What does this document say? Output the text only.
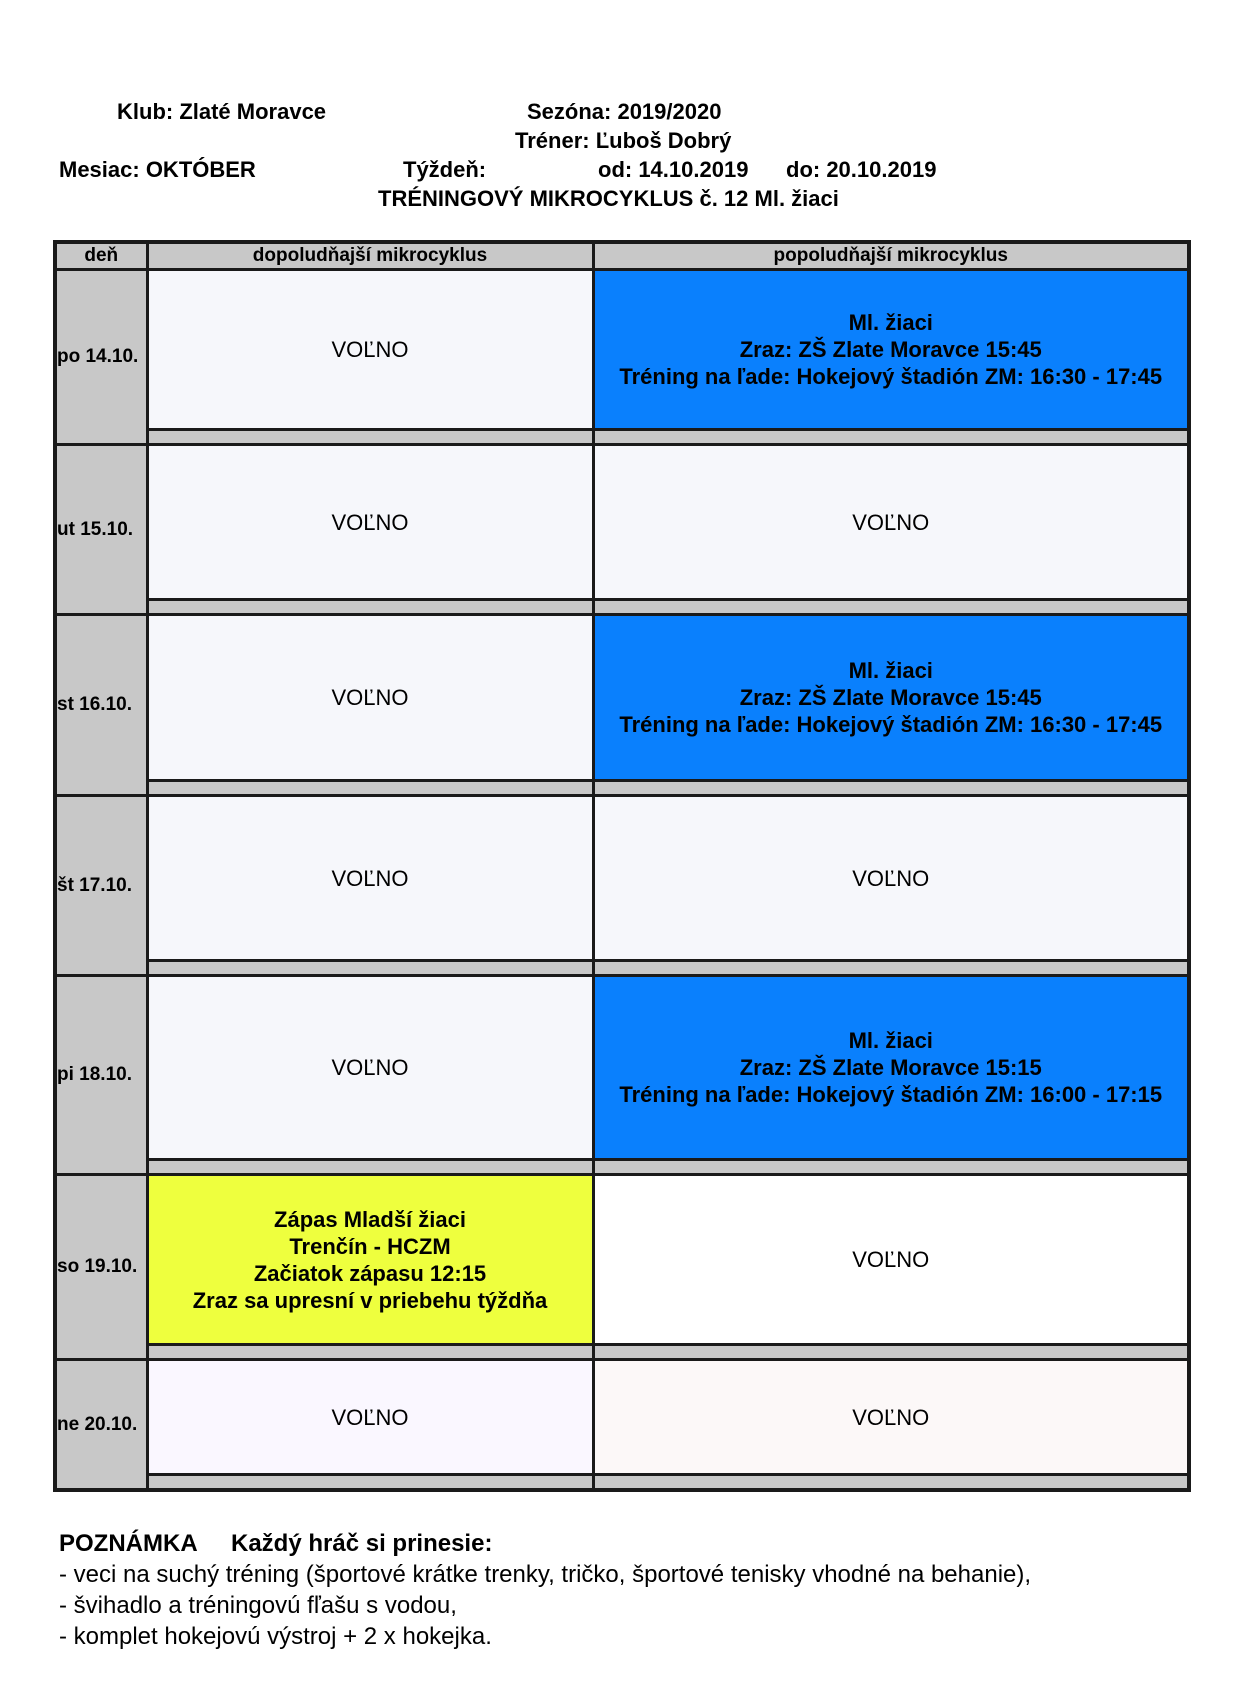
Klub: Zlaté Moravce	Sezóna: 2019/2020
Tréner: Ľuboš Dobrý
Mesiac: OKTÓBER	Týždeň:	od: 14.10.2019 do: 20.10.2019
TRÉNINGOVÝ MIKROCYKLUS č. 12 Ml. žiaci
deň	dopoludňajší mikrocyklus	popoludňajší mikrocyklus
po 14.10.	VOĽNO	Ml. žiaci
Zraz: ZŠ Zlate Moravce 15:45
Tréning na ľade: Hokejový štadión ZM: 16:30 - 17:45

ut 15.10.	VOĽNO	VOĽNO

st 16.10.	VOĽNO	Ml. žiaci
Zraz: ZŠ Zlate Moravce 15:45
Tréning na ľade: Hokejový štadión ZM: 16:30 - 17:45

št 17.10.	VOĽNO	VOĽNO

pi 18.10.	VOĽNO	Ml. žiaci
Zraz: ZŠ Zlate Moravce 15:15
Tréning na ľade: Hokejový štadión ZM: 16:00 - 17:15

so 19.10.	Zápas Mladší žiaci
Trenčín - HCZM
Začiatok zápasu 12:15
Zraz sa upresní v priebehu týždňa	VOĽNO

ne 20.10.	VOĽNO	VOĽNO
POZNÁMKA Každý hráč si prinesie:
- veci na suchý tréning (športové krátke trenky, tričko, športové tenisky vhodné na behanie),
- švihadlo a tréningovú fľašu s vodou,
- komplet hokejovú výstroj + 2 x hokejka.
